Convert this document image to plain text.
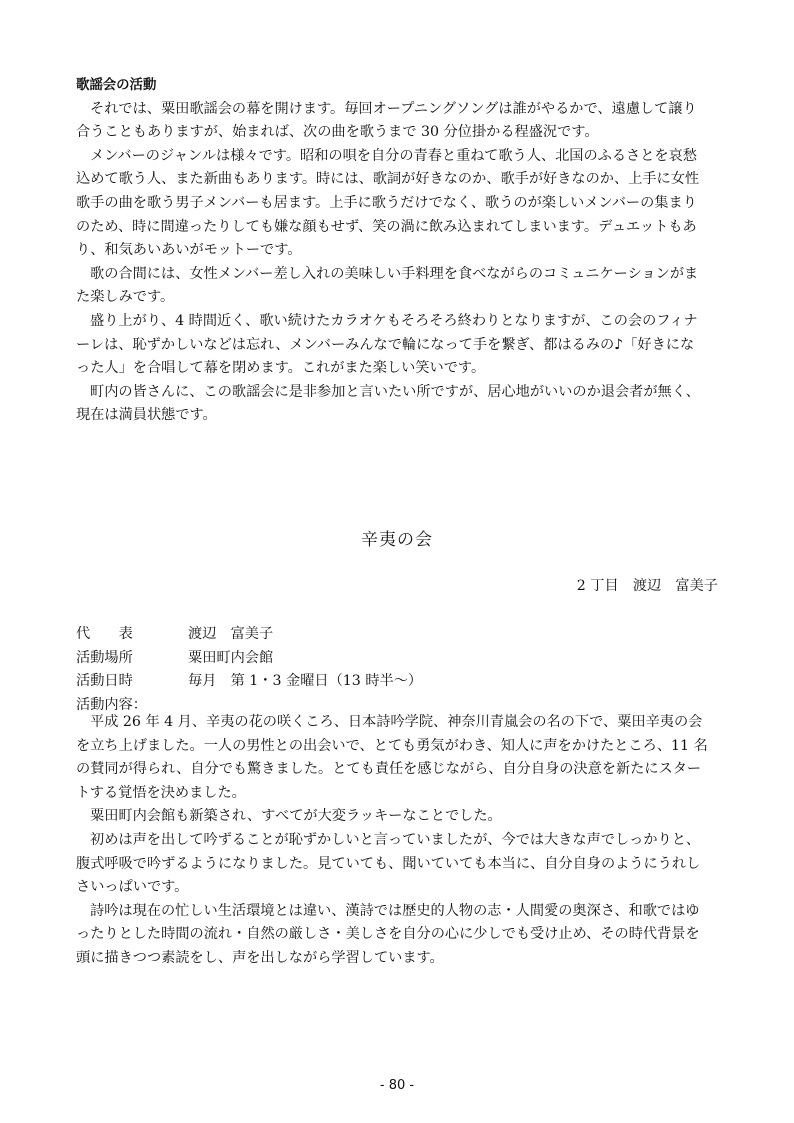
歌謡会の活動
それでは、粟田歌謡会の幕を開けます。毎回オープニングソングは誰がやるかで、遠慮して譲り
合うこともありますが、始まれば、次の曲を歌うまで 30 分位掛かる程盛況です。
メンバーのジャンルは様々です。昭和の唄を自分の青春と重ねて歌う人、北国のふるさとを哀愁
込めて歌う人、また新曲もあります。時には、歌詞が好きなのか、歌手が好きなのか、上手に女性
歌手の曲を歌う男子メンバーも居ます。上手に歌うだけでなく、歌うのが楽しいメンバーの集まり
のため、時に間違ったりしても嫌な顔もせず、笑の渦に飲み込まれてしまいます。デュエットもあ
り、和気あいあいがモットーです。
歌の合間には、女性メンバー差し入れの美味しい手料理を食べながらのコミュニケーションがま
た楽しみです。
盛り上がり、4 時間近く、歌い続けたカラオケもそろそろ終わりとなりますが、この会のフィナ
ーレは、恥ずかしいなどは忘れ、メンバーみんなで輪になって手を繋ぎ、都はるみの♪「好きにな
った人」を合唱して幕を閉めます。これがまた楽しい笑いです。
町内の皆さんに、この歌謡会に是非参加と言いたい所ですが、居心地がいいのか退会者が無く、
現在は満員状態です。
辛夷の会
2 丁目　渡辺　富美子
代　　表	渡辺　富美子
活動場所	粟田町内会館
活動日時	毎月　第 1・3 金曜日（13 時半～）
活動内容：
平成 26 年 4 月、辛夷の花の咲くころ、日本詩吟学院、神奈川青嵐会の名の下で、粟田辛夷の会
を立ち上げました。一人の男性との出会いで、とても勇気がわき、知人に声をかけたところ、11 名
の賛同が得られ、自分でも驚きました。とても責任を感じながら、自分自身の決意を新たにスター
トする覚悟を決めました。
粟田町内会館も新築され、すべてが大変ラッキーなことでした。
初めは声を出して吟ずることが恥ずかしいと言っていましたが、今では大きな声でしっかりと、
腹式呼吸で吟ずるようになりました。見ていても、聞いていても本当に、自分自身のようにうれし
さいっぱいです。
詩吟は現在の忙しい生活環境とは違い、漢詩では歴史的人物の志・人間愛の奥深さ、和歌ではゆ
ったりとした時間の流れ・自然の厳しさ・美しさを自分の心に少しでも受け止め、その時代背景を
頭に描きつつ素読をし、声を出しながら学習しています。
- 80 -
